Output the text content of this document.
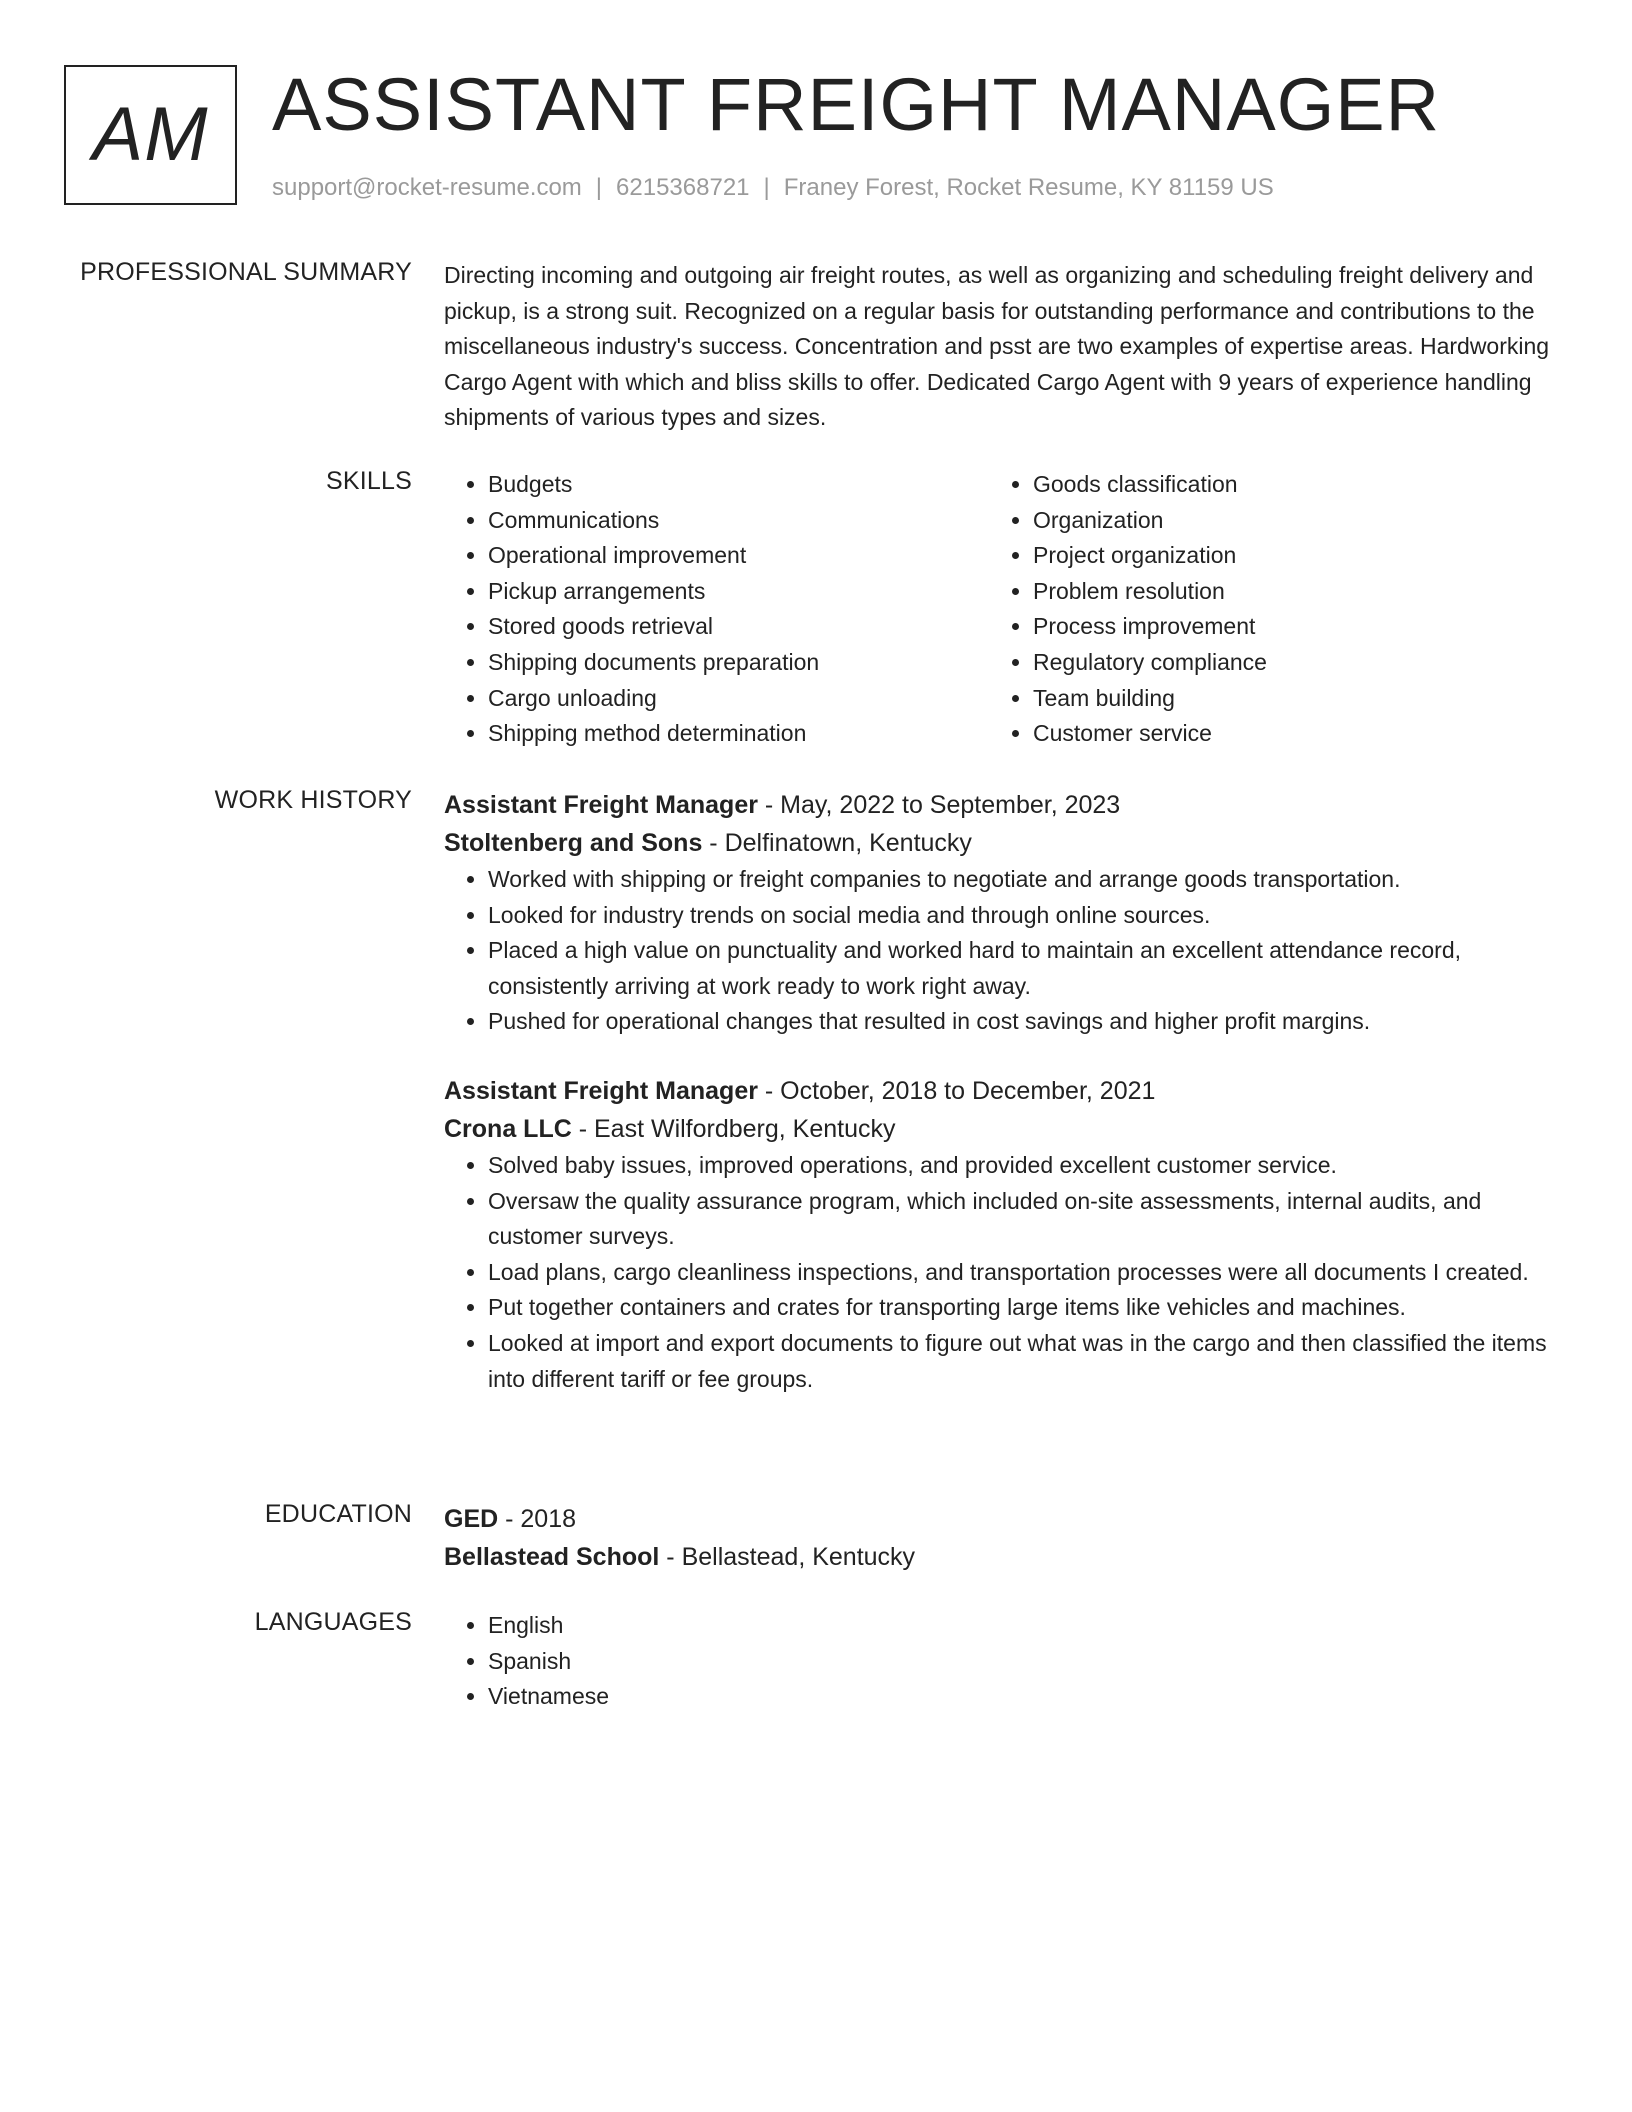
AM ASSISTANT FREIGHT MANAGER
support@rocket-resume.com | 6215368721 | Franey Forest, Rocket Resume, KY 81159 US
PROFESSIONAL SUMMARY Directing incoming and outgoing air freight routes, as well as organizing and scheduling freight delivery and pickup, is a strong suit. Recognized on a regular basis for outstanding performance and contributions to the miscellaneous industry's success. Concentration and psst are two examples of expertise areas. Hardworking Cargo Agent with which and bliss skills to offer. Dedicated Cargo Agent with 9 years of experience handling shipments of various types and sizes.

SKILLS	• Budgets
• Communications
• Operational improvement
• Pickup arrangements
• Stored goods retrieval
• Shipping documents preparation
• Cargo unloading
• Shipping method determination
• Goods classification
• Organization
• Project organization
• Problem resolution
• Process improvement
• Regulatory compliance
• Team building
• Customer service
WORK HISTORY Assistant Freight Manager - May, 2022 to September, 2023
Stoltenberg and Sons - Delfinatown, Kentucky
• Worked with shipping or freight companies to negotiate and arrange goods transportation.
• Looked for industry trends on social media and through online sources.
• Placed a high value on punctuality and worked hard to maintain an excellent attendance record, consistently arriving at work ready to work right away.
• Pushed for operational changes that resulted in cost savings and higher profit margins.
Assistant Freight Manager - October, 2018 to December, 2021
Crona LLC - East Wilfordberg, Kentucky
• Solved baby issues, improved operations, and provided excellent customer service.
• Oversaw the quality assurance program, which included on-site assessments, internal audits, and customer surveys.
• Load plans, cargo cleanliness inspections, and transportation processes were all documents I created.
• Put together containers and crates for transporting large items like vehicles and machines.
• Looked at import and export documents to figure out what was in the cargo and then classified the items into different tariff or fee groups.
EDUCATION GED - 2018
Bellastead School - Bellastead, Kentucky
LANGUAGES	• English
• Spanish
• Vietnamese
